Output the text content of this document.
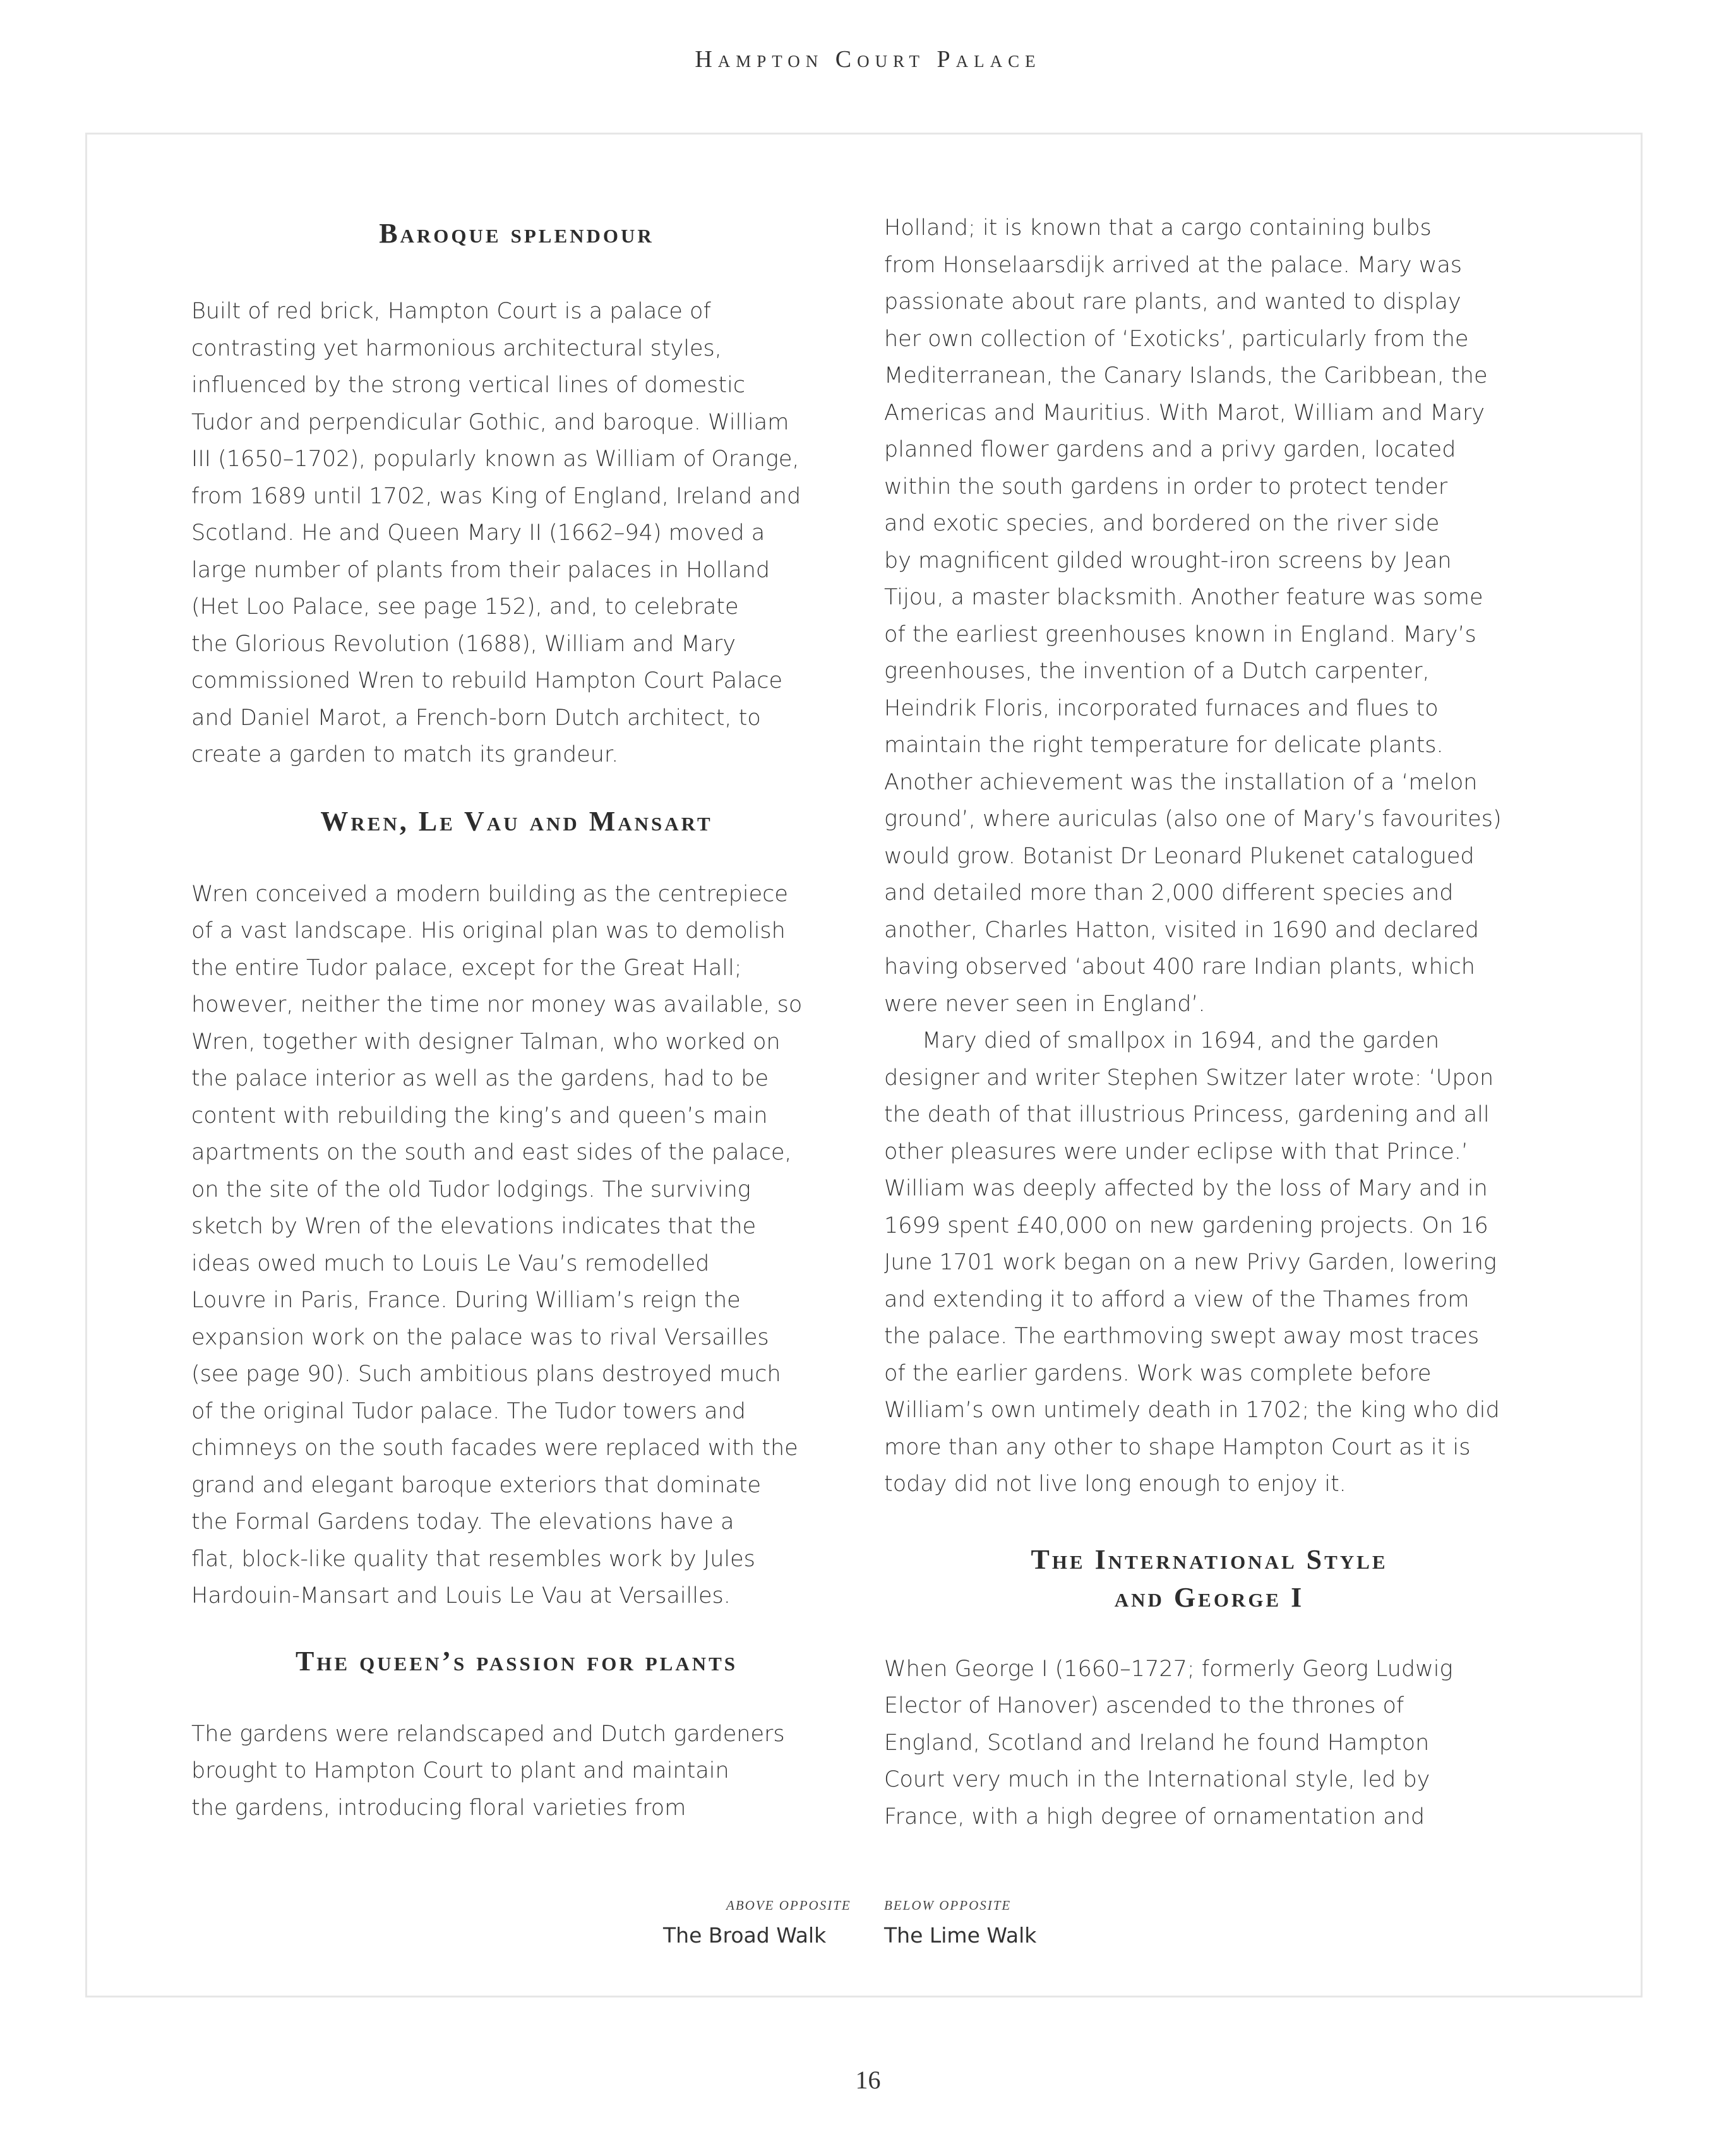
Hampton Court Palace
Baroque splendour
Built of red brick, Hampton Court is a palace of
contrasting yet harmonious architectural styles,
influenced by the strong vertical lines of domestic
Tudor and perpendicular Gothic, and baroque. William
III (1650–1702), popularly known as William of Orange,
from 1689 until 1702, was King of England, Ireland and
Scotland. He and Queen Mary II (1662–94) moved a
large number of plants from their palaces in Holland
(Het Loo Palace, see page 152), and, to celebrate
the Glorious Revolution (1688), William and Mary
commissioned Wren to rebuild Hampton Court Palace
and Daniel Marot, a French-born Dutch architect, to
create a garden to match its grandeur.
Wren, Le Vau and Mansart
Wren conceived a modern building as the centrepiece
of a vast landscape. His original plan was to demolish
the entire Tudor palace, except for the Great Hall;
however, neither the time nor money was available, so
Wren, together with designer Talman, who worked on
the palace interior as well as the gardens, had to be
content with rebuilding the king’s and queen’s main
apartments on the south and east sides of the palace,
on the site of the old Tudor lodgings. The surviving
sketch by Wren of the elevations indicates that the
ideas owed much to Louis Le Vau’s remodelled
Louvre in Paris, France. During William’s reign the
expansion work on the palace was to rival Versailles
(see page 90). Such ambitious plans destroyed much
of the original Tudor palace. The Tudor towers and
chimneys on the south facades were replaced with the
grand and elegant baroque exteriors that dominate
the Formal Gardens today. The elevations have a
flat, block-like quality that resembles work by Jules
Hardouin-Mansart and Louis Le Vau at Versailles.
The queen’s passion for plants
The gardens were relandscaped and Dutch gardeners
brought to Hampton Court to plant and maintain
the gardens, introducing floral varieties from
Holland; it is known that a cargo containing bulbs
from Honselaarsdijk arrived at the palace. Mary was
passionate about rare plants, and wanted to display
her own collection of ‘Exoticks’, particularly from the
Mediterranean, the Canary Islands, the Caribbean, the
Americas and Mauritius. With Marot, William and Mary
planned flower gardens and a privy garden, located
within the south gardens in order to protect tender
and exotic species, and bordered on the river side
by magnificent gilded wrought-iron screens by Jean
Tijou, a master blacksmith. Another feature was some
of the earliest greenhouses known in England. Mary’s
greenhouses, the invention of a Dutch carpenter,
Heindrik Floris, incorporated furnaces and flues to
maintain the right temperature for delicate plants.
Another achievement was the installation of a ‘melon
ground’, where auriculas (also one of Mary’s favourites)
would grow. Botanist Dr Leonard Plukenet catalogued
and detailed more than 2,000 different species and
another, Charles Hatton, visited in 1690 and declared
having observed ‘about 400 rare Indian plants, which
were never seen in England’.
Mary died of smallpox in 1694, and the garden
designer and writer Stephen Switzer later wrote: ‘Upon
the death of that illustrious Princess, gardening and all
other pleasures were under eclipse with that Prince.’
William was deeply affected by the loss of Mary and in
1699 spent £40,000 on new gardening projects. On 16
June 1701 work began on a new Privy Garden, lowering
and extending it to afford a view of the Thames from
the palace. The earthmoving swept away most traces
of the earlier gardens. Work was complete before
William’s own untimely death in 1702; the king who did
more than any other to shape Hampton Court as it is
today did not live long enough to enjoy it.
The International Style
and George I
When George I (1660–1727; formerly Georg Ludwig
Elector of Hanover) ascended to the thrones of
England, Scotland and Ireland he found Hampton
Court very much in the International style, led by
France, with a high degree of ornamentation and
ABOVE OPPOSITE
The Broad Walk
BELOW OPPOSITE
The Lime Walk
16
